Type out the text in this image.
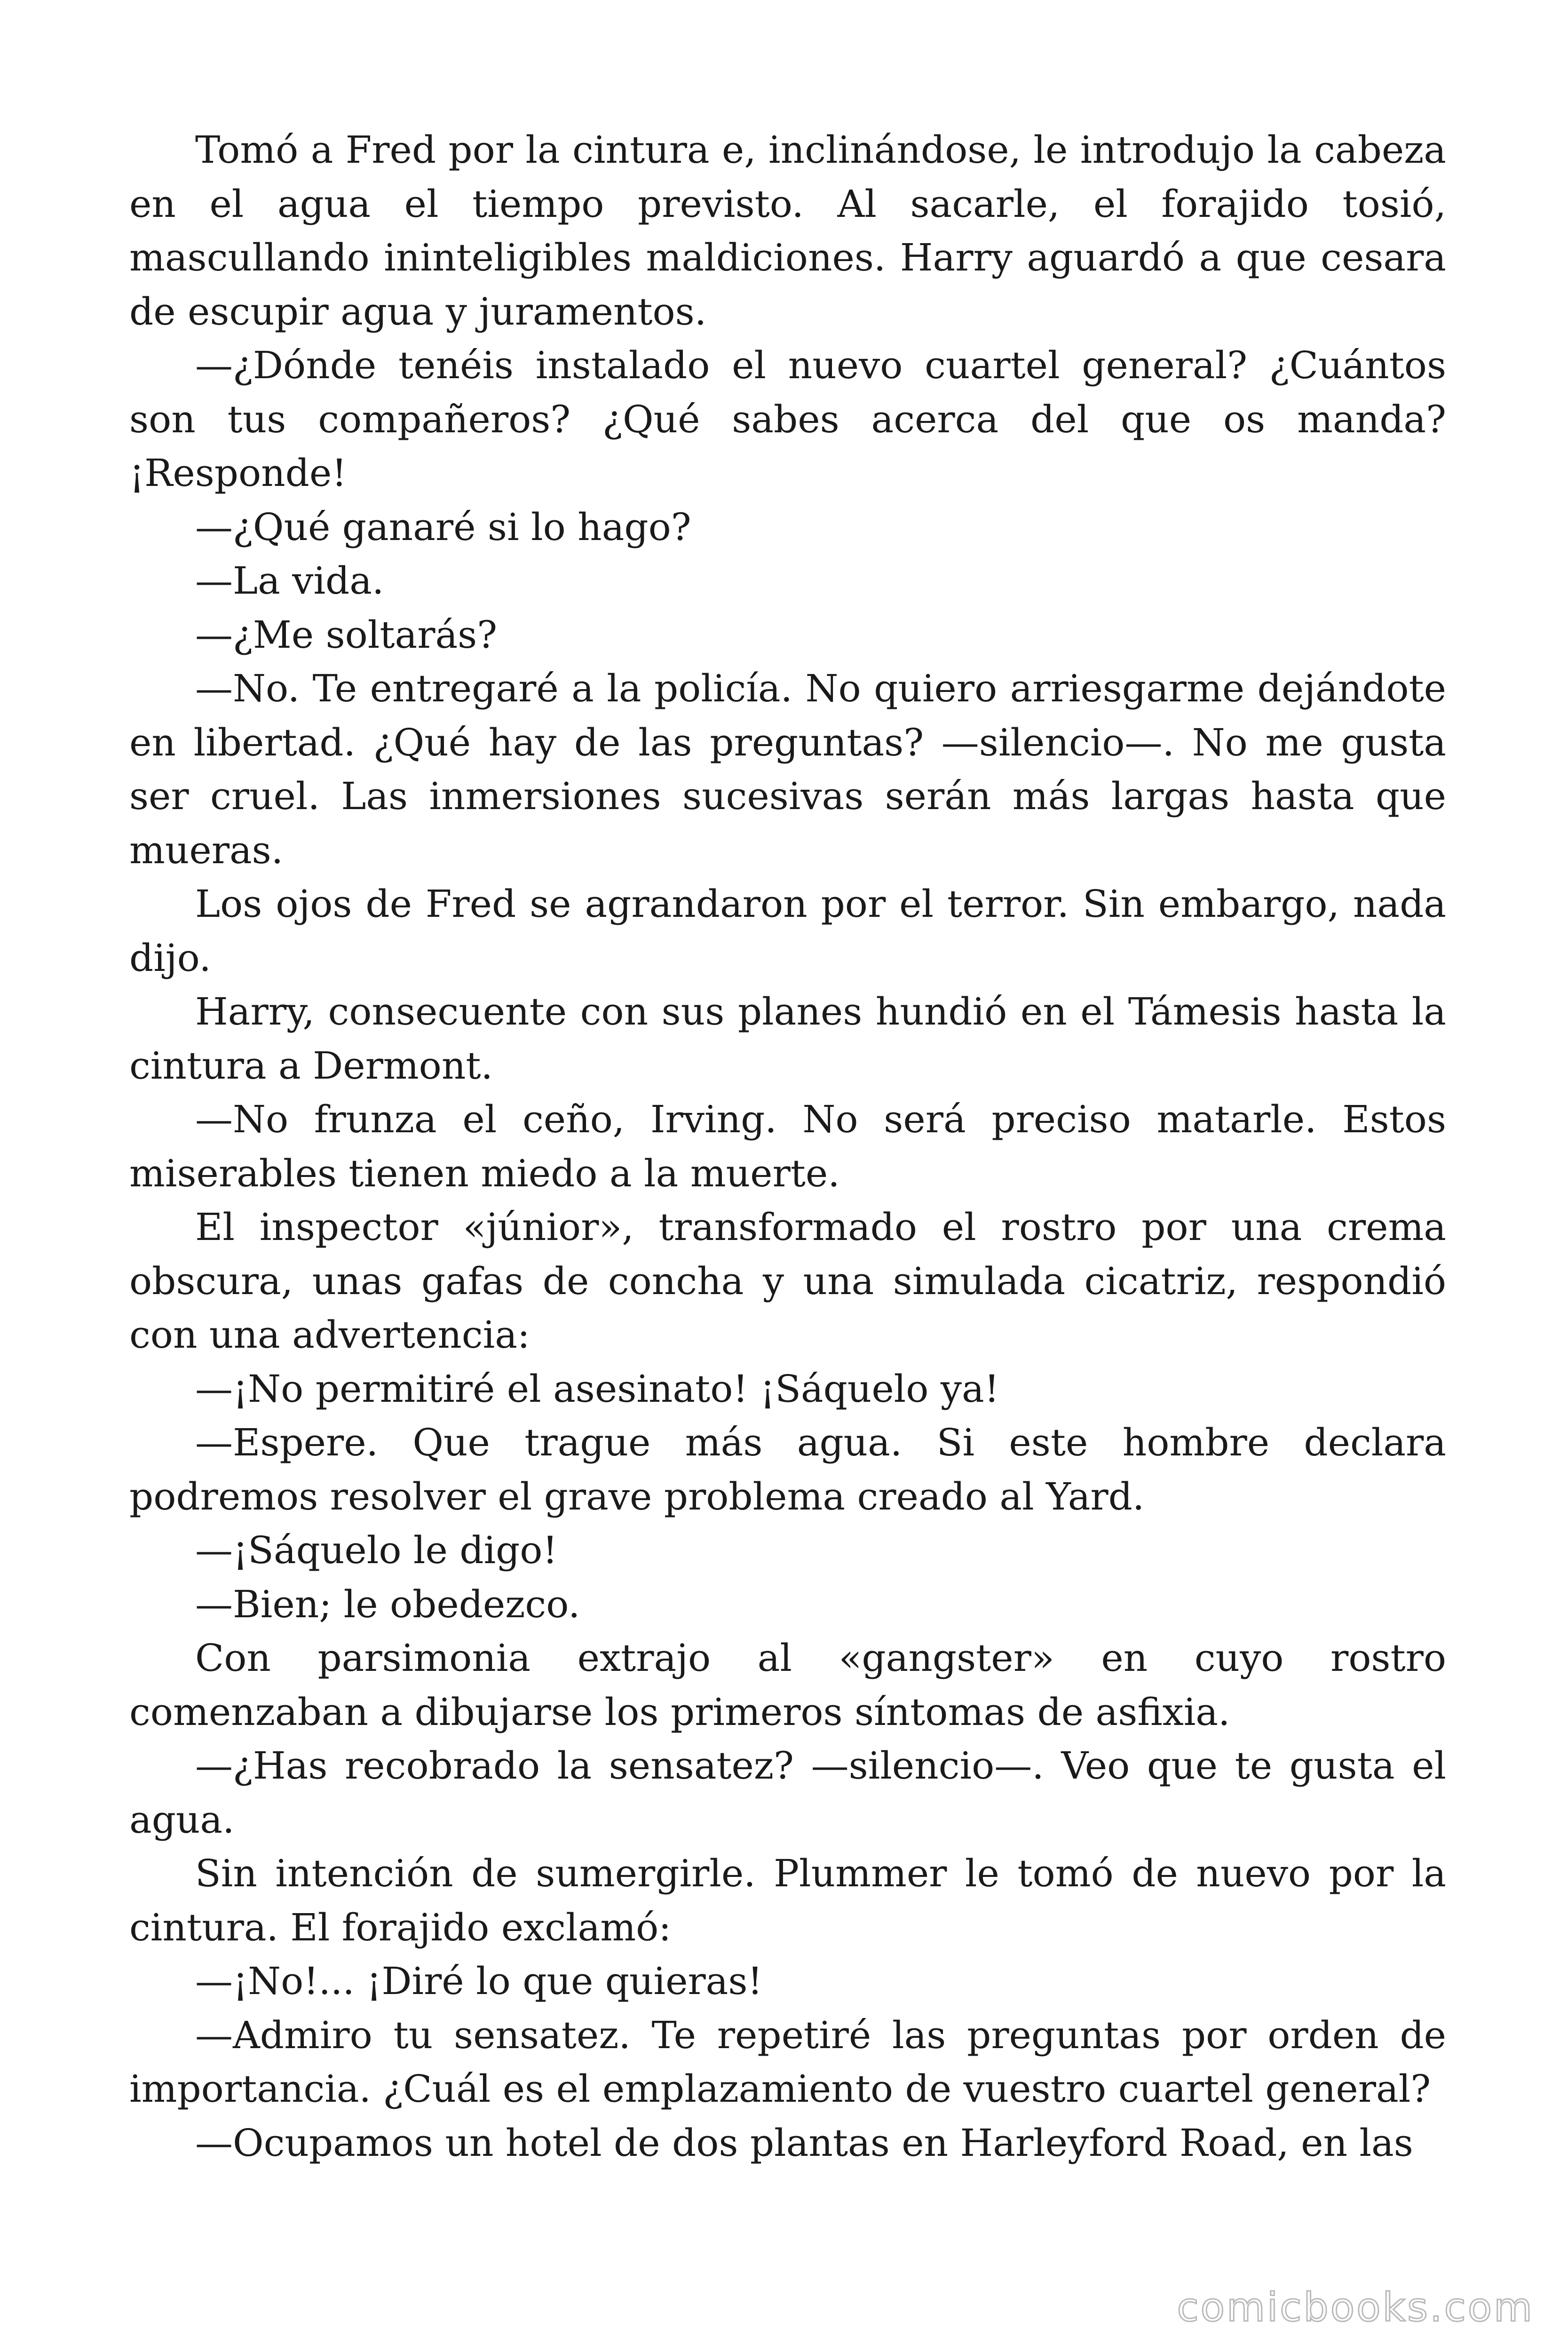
Tomó a Fred por la cintura e, inclinándose, le introdujo la cabeza en el agua el tiempo previsto. Al sacarle, el forajido tosió, mascullando ininteligibles maldiciones. Harry aguardó a que cesara de escupir agua y juramentos.

—¿Dónde tenéis instalado el nuevo cuartel general? ¿Cuántos son tus compañeros? ¿Qué sabes acerca del que os manda? ¡Responde!

—¿Qué ganaré si lo hago?

—La vida.

—¿Me soltarás?

—No. Te entregaré a la policía. No quiero arriesgarme dejándote en libertad. ¿Qué hay de las preguntas? —silencio—. No me gusta ser cruel. Las inmersiones sucesivas serán más largas hasta que mueras.

Los ojos de Fred se agrandaron por el terror. Sin embargo, nada dijo.

Harry, consecuente con sus planes hundió en el Támesis hasta la cintura a Dermont.

—No frunza el ceño, Irving. No será preciso matarle. Estos miserables tienen miedo a la muerte.

El inspector «júnior», transformado el rostro por una crema obscura, unas gafas de concha y una simulada cicatriz, respondió con una advertencia:

—¡No permitiré el asesinato! ¡Sáquelo ya!

—Espere. Que trague más agua. Si este hombre declara podremos resolver el grave problema creado al Yard.

—¡Sáquelo le digo!

—Bien; le obedezco.

Con parsimonia extrajo al «gangster» en cuyo rostro comenzaban a dibujarse los primeros síntomas de asfixia.

—¿Has recobrado la sensatez? —silencio—. Veo que te gusta el agua.

Sin intención de sumergirle. Plummer le tomó de nuevo por la cintura. El forajido exclamó:

—¡No!... ¡Diré lo que quieras!

—Admiro tu sensatez. Te repetiré las preguntas por orden de importancia. ¿Cuál es el emplazamiento de vuestro cuartel general?

—Ocupamos un hotel de dos plantas en Harleyford Road, en las

comicbooks.com
